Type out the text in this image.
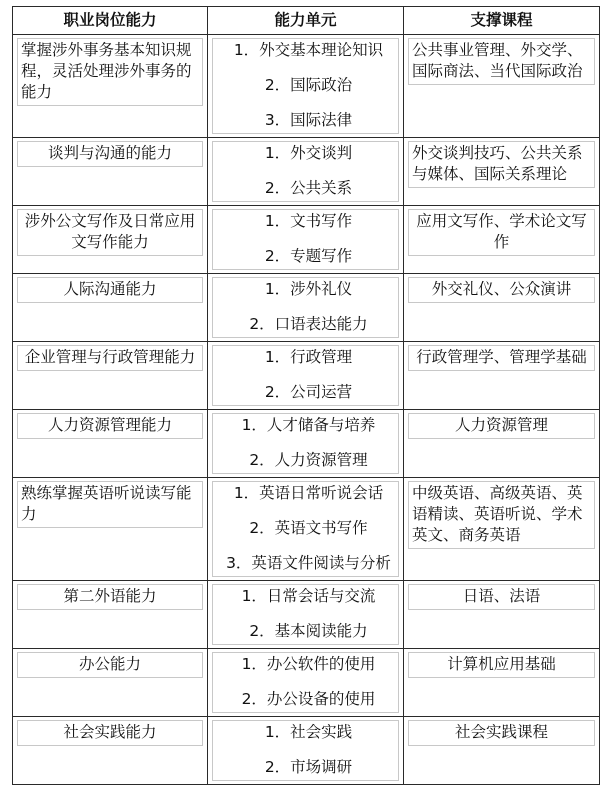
职业岗位能力	能力单元	支撑课程

掌握涉外事务基本知识规程，灵活处理涉外事务的能力	1．外交基本理论知识
2．国际政治
3．国际法律	公共事业管理、外交学、国际商法、当代国际政治

谈判与沟通的能力	1．外交谈判
2．公共关系	外交谈判技巧、公共关系与媒体、国际关系理论

涉外公文写作及日常应用文写作能力	1．文书写作
2．专题写作	应用文写作、学术论文写作

人际沟通能力	1．涉外礼仪
2．口语表达能力	外交礼仪、公众演讲

企业管理与行政管理能力	1．行政管理
2．公司运营	行政管理学、管理学基础

人力资源管理能力	1．人才储备与培养
2．人力资源管理	人力资源管理

熟练掌握英语听说读写能力	1．英语日常听说会话
2．英语文书写作
3．英语文件阅读与分析	中级英语、高级英语、英语精读、英语听说、学术英文、商务英语

第二外语能力	1．日常会话与交流
2．基本阅读能力	日语、法语

办公能力	1．办公软件的使用
2．办公设备的使用	计算机应用基础

社会实践能力	1．社会实践
2．市场调研	社会实践课程
